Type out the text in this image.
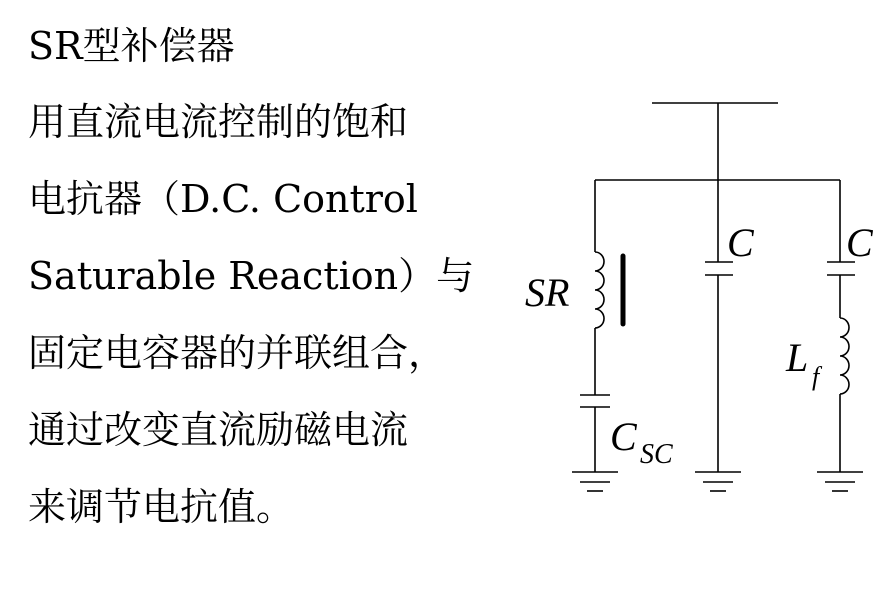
SR型补偿器
用直流电流控制的饱和
电抗器（D.C. Control
Saturable Reaction）与
固定电容器的并联组合，
通过改变直流励磁电流
来调节电抗值。
SR
C C
L f
C SC
